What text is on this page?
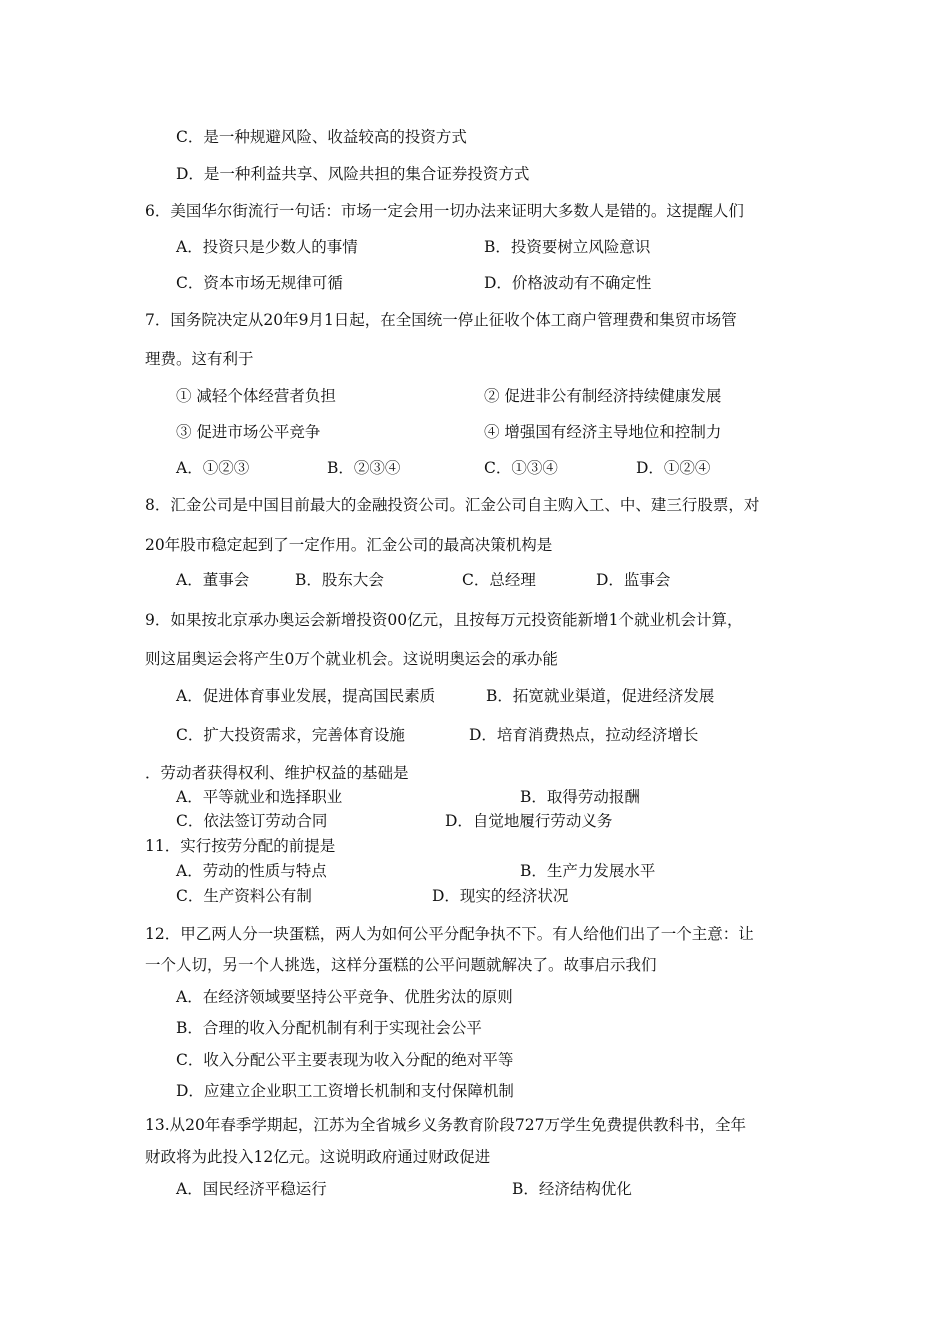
C．是一种规避风险、收益较高的投资方式
D．是一种利益共享、风险共担的集合证券投资方式
6．美国华尔街流行一句话：市场一定会用一切办法来证明大多数人是错的。这提醒人们
A．投资只是少数人的事情	B．投资要树立风险意识
C．资本市场无规律可循	D．价格波动有不确定性
7．国务院决定从20年9月1日起，在全国统一停止征收个体工商户管理费和集贸市场管
理费。这有利于
① 减轻个体经营者负担	② 促进非公有制经济持续健康发展
③ 促进市场公平竞争	④ 增强国有经济主导地位和控制力
A．①②③	B．②③④	C．①③④	D．①②④
8．汇金公司是中国目前最大的金融投资公司。汇金公司自主购入工、中、建三行股票，对
20年股市稳定起到了一定作用。汇金公司的最高决策机构是
A．董事会	B．股东大会	C．总经理	D．监事会
9．如果按北京承办奥运会新增投资00亿元，且按每万元投资能新增1个就业机会计算，
则这届奥运会将产生0万个就业机会。这说明奥运会的承办能
A．促进体育事业发展，提高国民素质	B．拓宽就业渠道，促进经济发展
C．扩大投资需求，完善体育设施	D．培育消费热点，拉动经济增长
．劳动者获得权利、维护权益的基础是
A．平等就业和选择职业	B．取得劳动报酬
C．依法签订劳动合同	D．自觉地履行劳动义务
11．实行按劳分配的前提是
A．劳动的性质与特点	B．生产力发展水平
C．生产资料公有制	D．现实的经济状况
12．甲乙两人分一块蛋糕，两人为如何公平分配争执不下。有人给他们出了一个主意：让
一个人切，另一个人挑选，这样分蛋糕的公平问题就解决了。故事启示我们
A．在经济领域要坚持公平竞争、优胜劣汰的原则
B．合理的收入分配机制有利于实现社会公平
C．收入分配公平主要表现为收入分配的绝对平等
D．应建立企业职工工资增长机制和支付保障机制
13.从20年春季学期起，江苏为全省城乡义务教育阶段727万学生免费提供教科书，全年
财政将为此投入12亿元。这说明政府通过财政促进
A．国民经济平稳运行	B．经济结构优化
